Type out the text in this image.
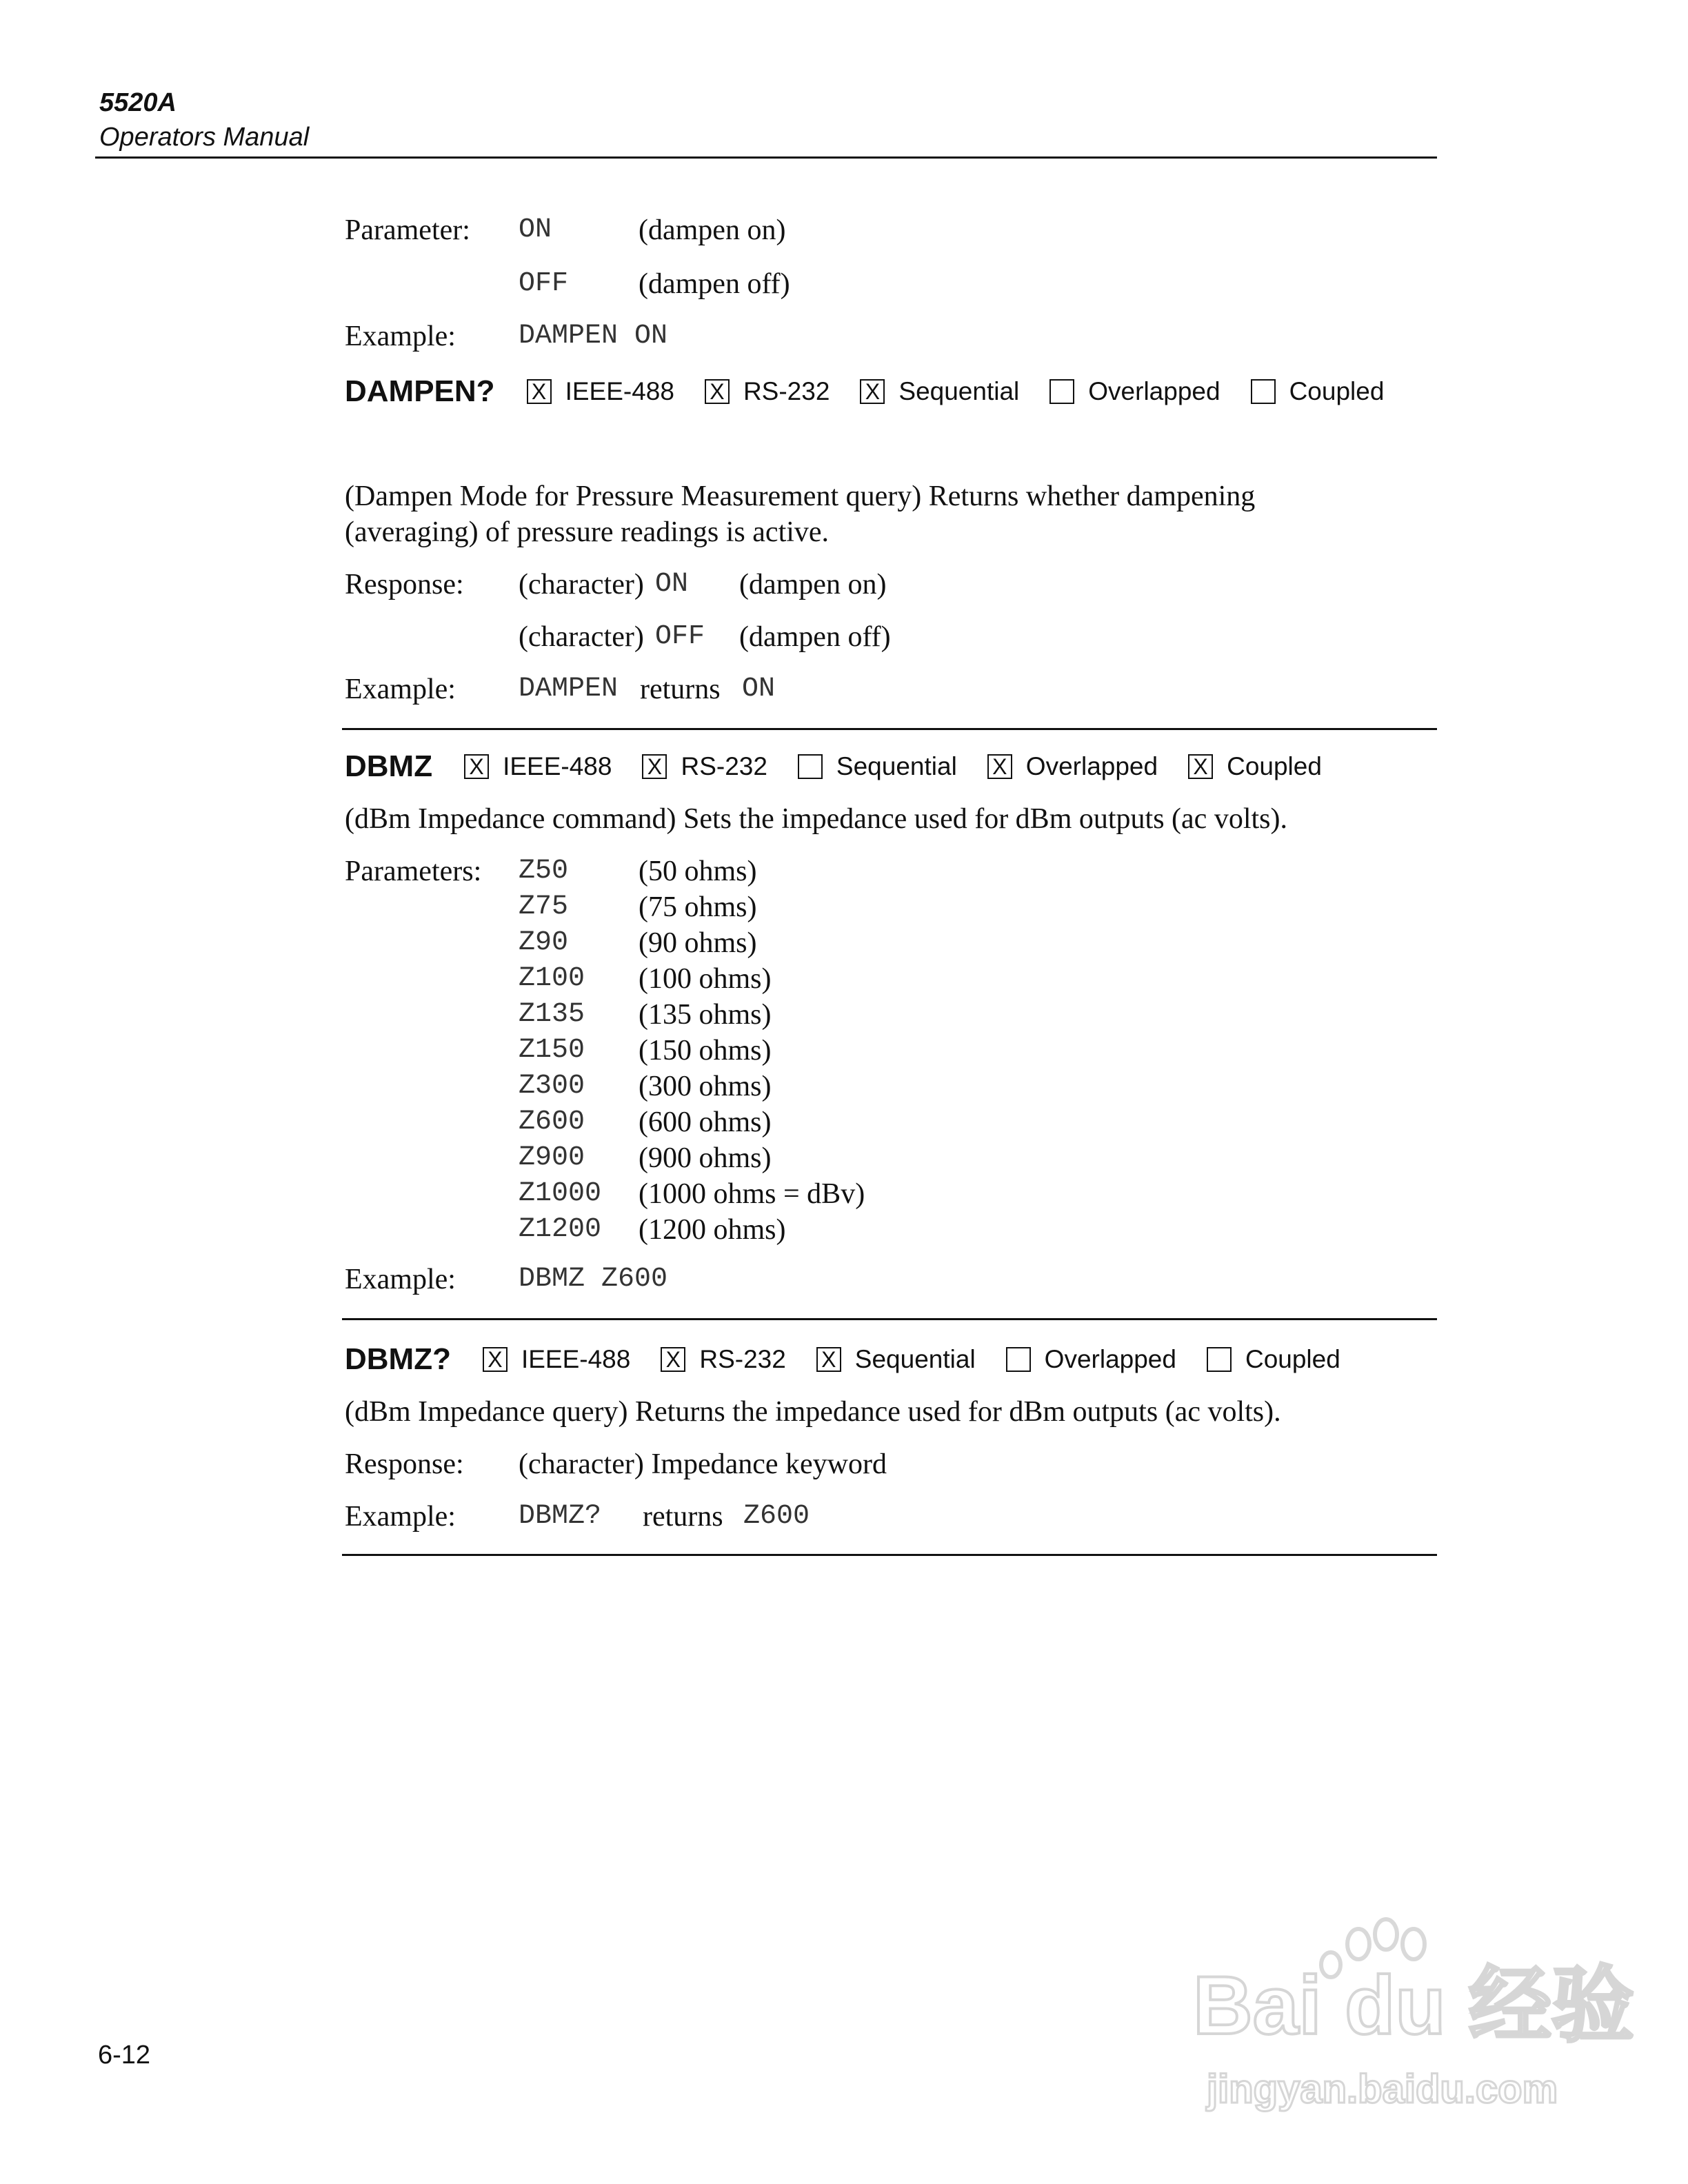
5520A
Operators Manual
Parameter: ON	(dampen on)
OFF (dampen off)
Example: DAMPEN ON
DAMPEN? X IEEE-488 X RS-232 X Sequential	Overlapped	Coupled
(Dampen Mode for Pressure Measurement query) Returns whether dampening
(averaging) of pressure readings is active.
Response: (character) ON (dampen on)
(character) OFF (dampen off)
Example: DAMPEN returns ON
DBMZ X IEEE-488 X RS-232	Sequential X Overlapped X Coupled
(dBm Impedance command) Sets the impedance used for dBm outputs (ac volts).
Parameters: Z50 (50 ohms)
Z75 (75 ohms)
Z90 (90 ohms)
Z100 (100 ohms)
Z135 (135 ohms)
Z150 (150 ohms)
Z300 (300 ohms)
Z600 (600 ohms)
Z900 (900 ohms)
Z1000 (1000 ohms = dBv)
Z1200 (1200 ohms)
Example: DBMZ Z600
DBMZ? X IEEE-488 X RS-232 X Sequential	Overlapped	Coupled
(dBm Impedance query) Returns the impedance used for dBm outputs (ac volts).
Response: (character) Impedance keyword
Example: DBMZ? returns Z600
6-12
Bai du 经验
jingyan.baidu.com
